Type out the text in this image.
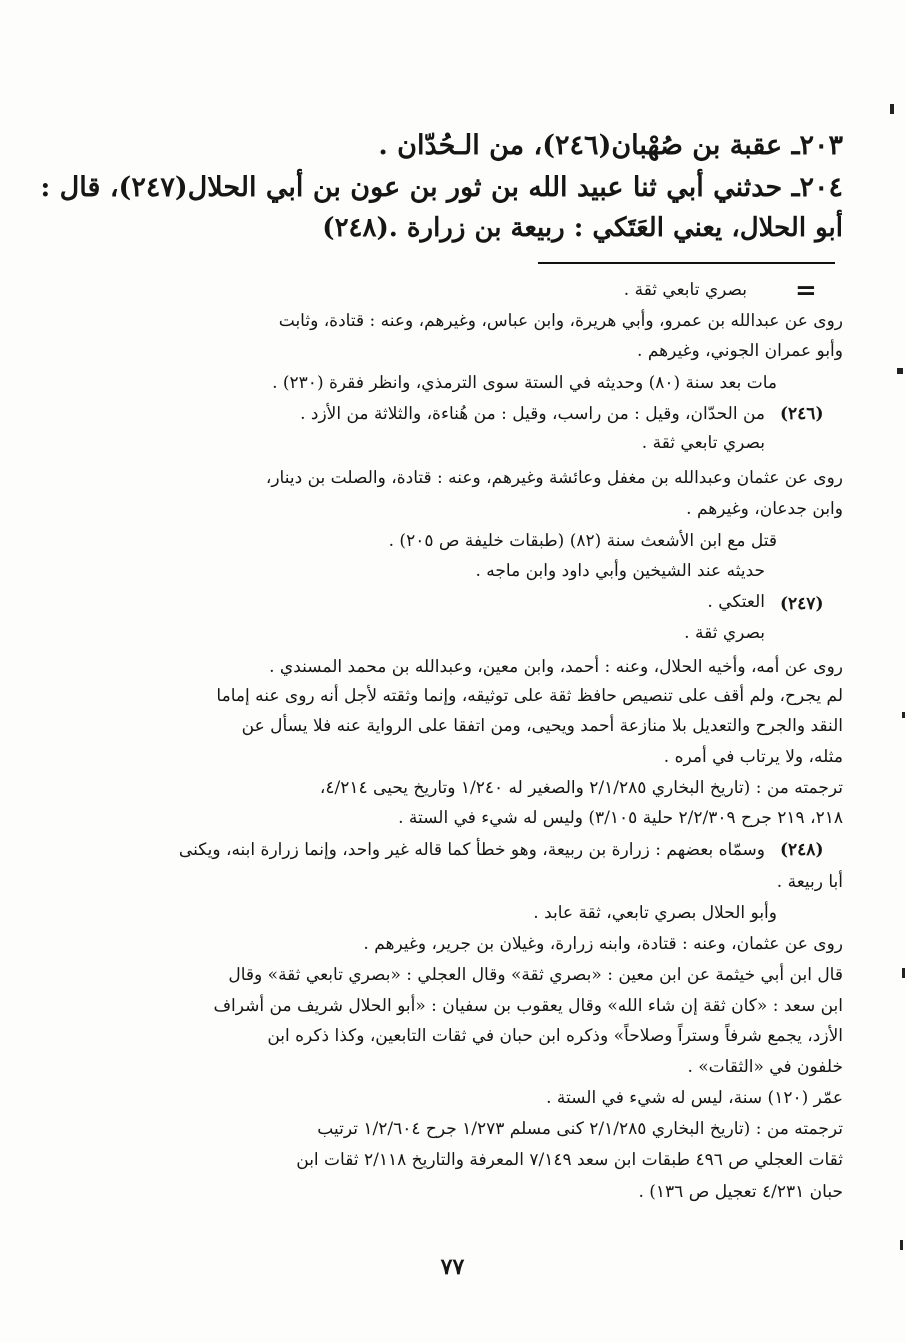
٢٠٣ـ عقبة بن صُهْبان(٢٤٦)، من الـحُدّان .
٢٠٤ـ حدثني أبي ثنا عبيد الله بن ثور بن عون بن أبي الحلال(٢٤٧)، قال :
أبو الحلال، يعني العَتَكي : ربيعة بن زرارة .(٢٤٨)
=
بصري تابعي ثقة .
روى عن عبدالله بن عمرو، وأبي هريرة، وابن عباس، وغيرهم، وعنه : قتادة، وثابت
وأبو عمران الجوني، وغيرهم .
مات بعد سنة (٨٠) وحديثه في الستة سوى الترمذي، وانظر فقرة (٢٣٠) .
(٢٤٦)
من الحدّان، وقيل : من راسب، وقيل : من هُناءة، والثلاثة من الأزد .
بصري تابعي ثقة .
روى عن عثمان وعبدالله بن مغفل وعائشة وغيرهم، وعنه : قتادة، والصلت بن دينار،
وابن جدعان، وغيرهم .
قتل مع ابن الأشعث سنة (٨٢) (طبقات خليفة ص ٢٠٥) .
حديثه عند الشيخين وأبي داود وابن ماجه .
(٢٤٧)
العتكي .
بصري ثقة .
روى عن أمه، وأخيه الحلال، وعنه : أحمد، وابن معين، وعبدالله بن محمد المسندي .
لم يجرح، ولم أقف على تنصيص حافظ ثقة على توثيقه، وإنما وثقته لأجل أنه روى عنه إماما
النقد والجرح والتعديل بلا منازعة أحمد ويحيى، ومن اتفقا على الرواية عنه فلا يسأل عن
مثله، ولا يرتاب في أمره .
ترجمته من : (تاريخ البخاري ٢/١/٢٨٥ والصغير له ١/٢٤٠ وتاريخ يحيى ٤/٢١٤،
٢١٨، ٢١٩ جرح ٢/٢/٣٠٩ حلية ٣/١٠٥) وليس له شيء في الستة .
(٢٤٨)
وسمّاه بعضهم : زرارة بن ربيعة، وهو خطأ كما قاله غير واحد، وإنما زرارة ابنه، ويكنى
أبا ربيعة .
وأبو الحلال بصري تابعي، ثقة عابد .
روى عن عثمان، وعنه : قتادة، وابنه زرارة، وغيلان بن جرير، وغيرهم .
قال ابن أبي خيثمة عن ابن معين : «بصري ثقة» وقال العجلي : «بصري تابعي ثقة» وقال
ابن سعد : «كان ثقة إن شاء الله» وقال يعقوب بن سفيان : «أبو الحلال شريف من أشراف
الأزد، يجمع شرفاً وستراً وصلاحاً» وذكره ابن حبان في ثقات التابعين، وكذا ذكره ابن
خلفون في «الثقات» .
عمّر (١٢٠) سنة، ليس له شيء في الستة .
ترجمته من : (تاريخ البخاري ٢/١/٢٨٥ كنى مسلم ١/٢٧٣ جرح ١/٢/٦٠٤ ترتيب
ثقات العجلي ص ٤٩٦ طبقات ابن سعد ٧/١٤٩ المعرفة والتاريخ ٢/١١٨ ثقات ابن
حبان ٤/٢٣١ تعجيل ص ١٣٦) .
٧٧
